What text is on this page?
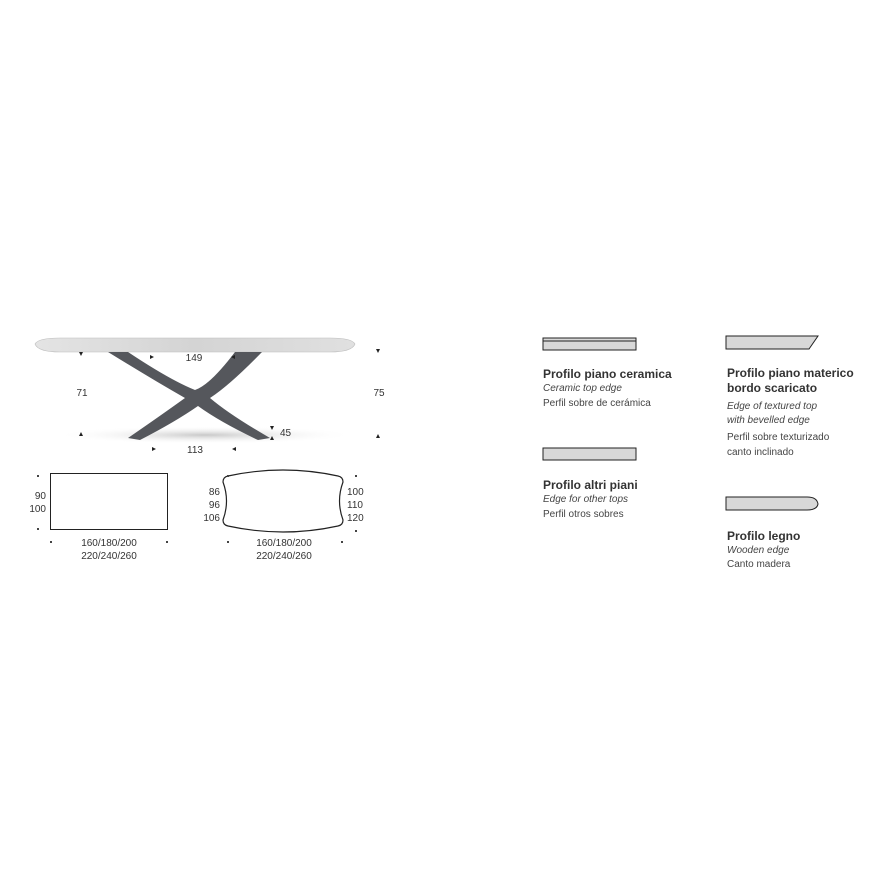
149
113
71	75
45
90
100
160/180/200
220/240/260
86
96
106
100
110
120
160/180/200
220/240/260
Profilo piano ceramica
Ceramic top edge
Perfil sobre de cerámica
Profilo altri piani
Edge for other tops
Perfil otros sobres
Profilo piano materico
bordo scaricato
Edge of textured top
with bevelled edge
Perfil sobre texturizado
canto inclinado
Profilo legno
Wooden edge
Canto madera
